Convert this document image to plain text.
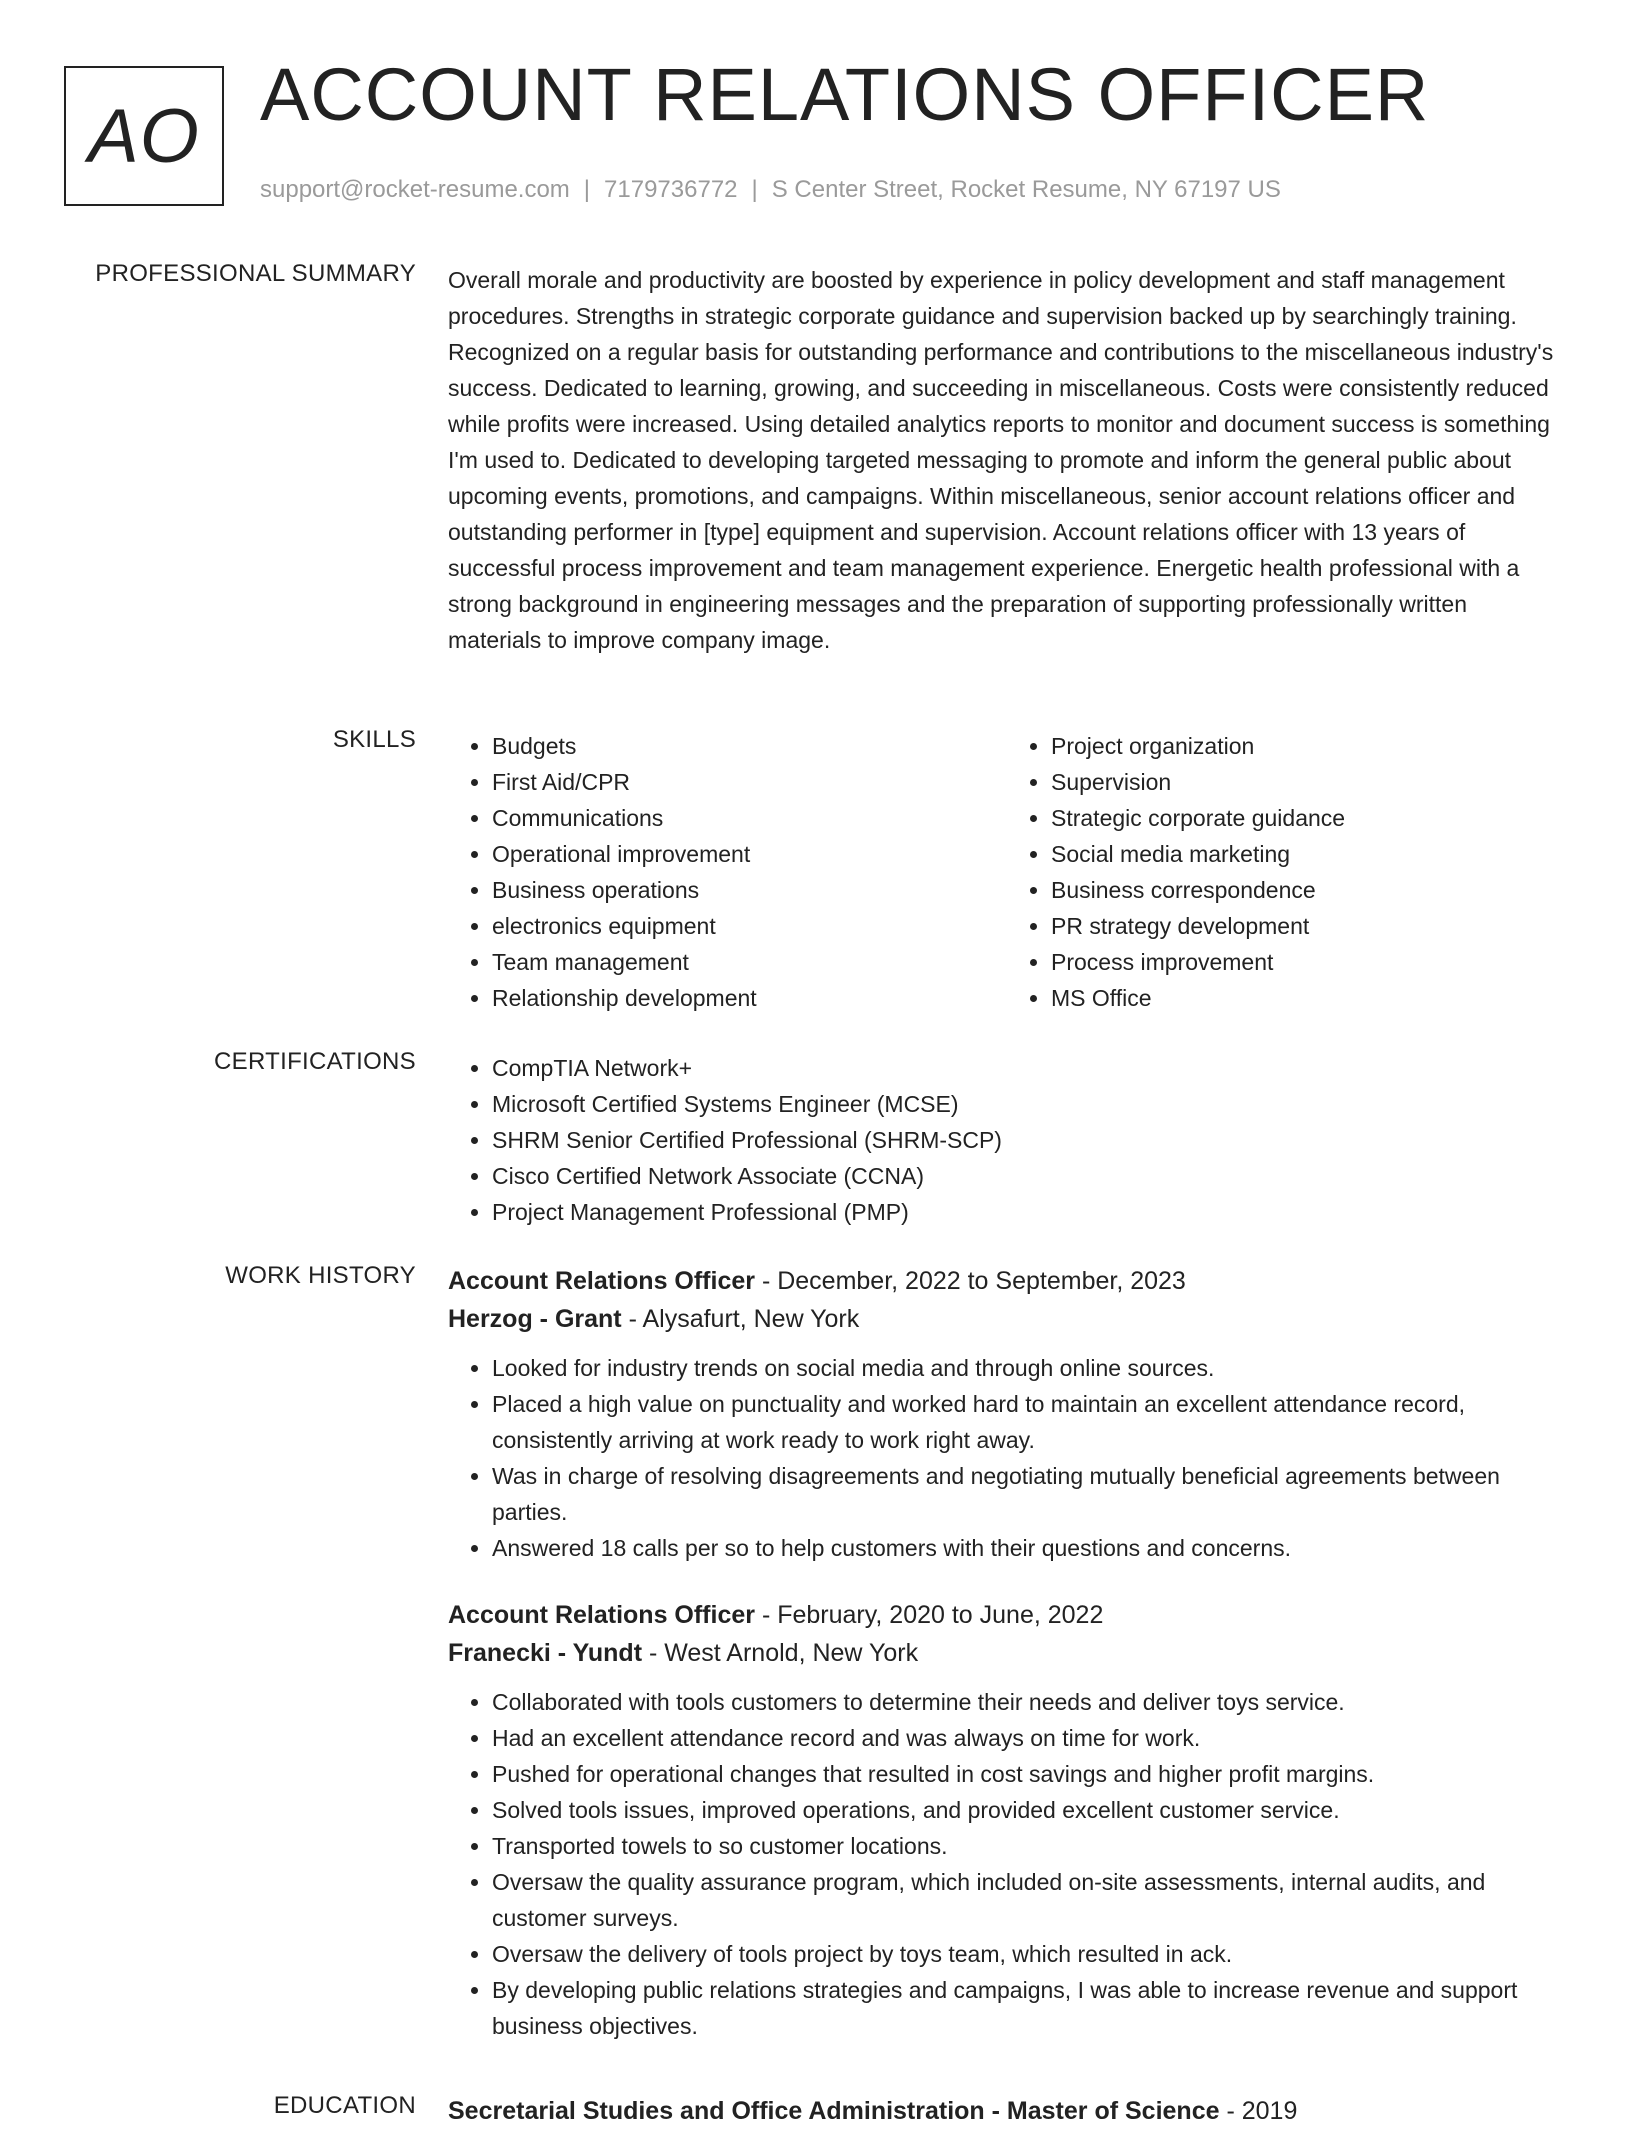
AO ACCOUNT RELATIONS OFFICER
support@rocket-resume.com | 7179736772 | S Center Street, Rocket Resume, NY 67197 US
PROFESSIONAL SUMMARY Overall morale and productivity are boosted by experience in policy development and staff management procedures. Strengths in strategic corporate guidance and supervision backed up by searchingly training. Recognized on a regular basis for outstanding performance and contributions to the miscellaneous industry's success. Dedicated to learning, growing, and succeeding in miscellaneous. Costs were consistently reduced while profits were increased. Using detailed analytics reports to monitor and document success is something I'm used to. Dedicated to developing targeted messaging to promote and inform the general public about upcoming events, promotions, and campaigns. Within miscellaneous, senior account relations officer and outstanding performer in [type] equipment and supervision. Account relations officer with 13 years of successful process improvement and team management experience. Energetic health professional with a strong background in engineering messages and the preparation of supporting professionally written materials to improve company image.

SKILLS	• Budgets
• First Aid/CPR
• Communications
• Operational improvement
• Business operations
• electronics equipment
• Team management
• Relationship development
• Project organization
• Supervision
• Strategic corporate guidance
• Social media marketing
• Business correspondence
• PR strategy development
• Process improvement
• MS Office
CERTIFICATIONS	• CompTIA Network+
• Microsoft Certified Systems Engineer (MCSE)
• SHRM Senior Certified Professional (SHRM-SCP)
• Cisco Certified Network Associate (CCNA)
• Project Management Professional (PMP)
WORK HISTORY Account Relations Officer - December, 2022 to September, 2023
Herzog - Grant - Alysafurt, New York
• Looked for industry trends on social media and through online sources.
• Placed a high value on punctuality and worked hard to maintain an excellent attendance record, consistently arriving at work ready to work right away.
• Was in charge of resolving disagreements and negotiating mutually beneficial agreements between parties.
• Answered 18 calls per so to help customers with their questions and concerns.
Account Relations Officer - February, 2020 to June, 2022
Franecki - Yundt - West Arnold, New York
• Collaborated with tools customers to determine their needs and deliver toys service.
• Had an excellent attendance record and was always on time for work.
• Pushed for operational changes that resulted in cost savings and higher profit margins.
• Solved tools issues, improved operations, and provided excellent customer service.
• Transported towels to so customer locations.
• Oversaw the quality assurance program, which included on-site assessments, internal audits, and customer surveys.
• Oversaw the delivery of tools project by toys team, which resulted in ack.
• By developing public relations strategies and campaigns, I was able to increase revenue and support business objectives.
EDUCATION Secretarial Studies and Office Administration - Master of Science - 2019
